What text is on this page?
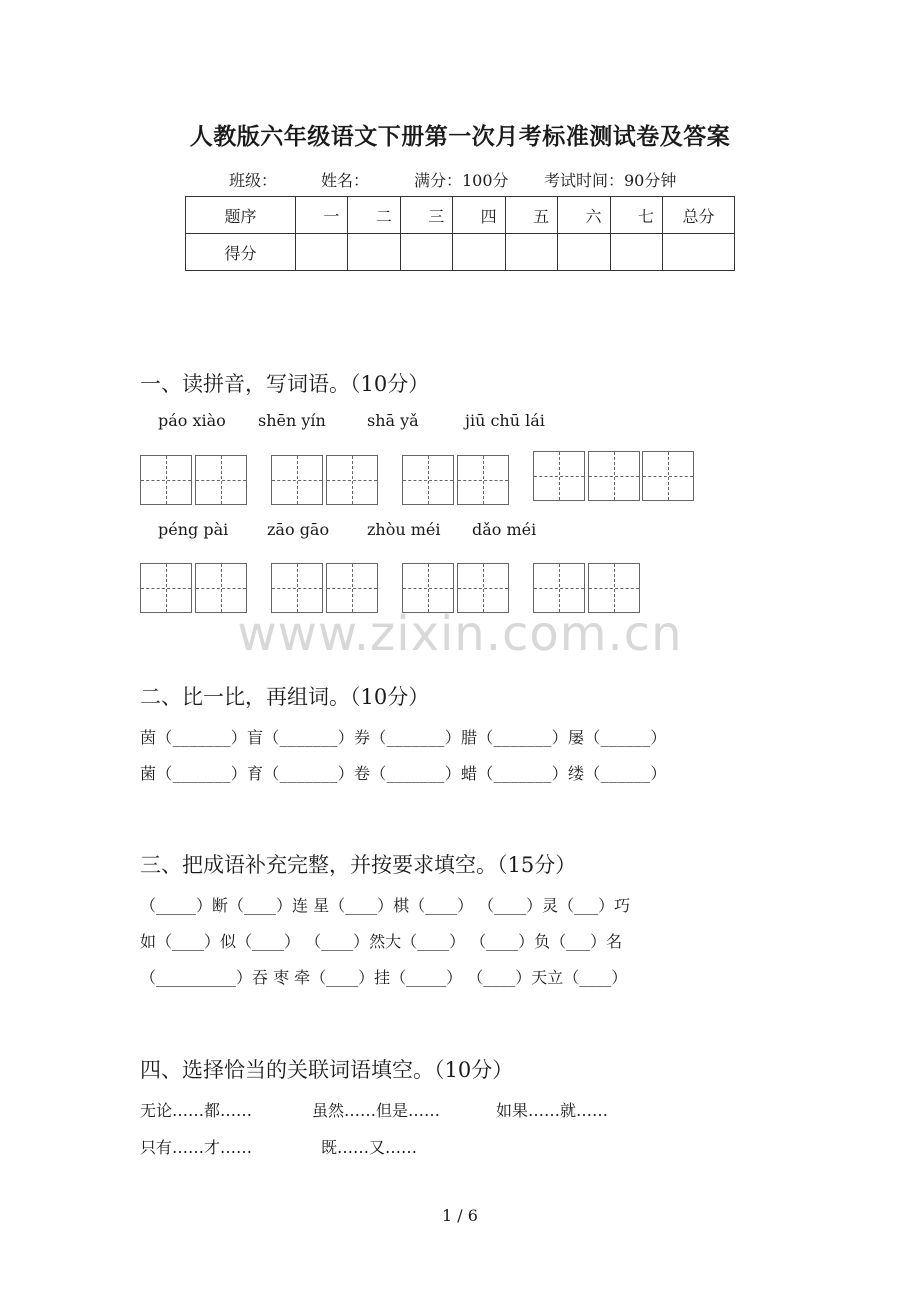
人教版六年级语文下册第一次月考标准测试卷及答案
班级：	姓名：	满分：100分 考试时间：90分钟
题序	一	二	三	四	五	六	七	总分
得分								
一、读拼音，写词语。（10分）
páo xiào shēn yín	shā yǎ	jiū chū lái
péng pài zāo gāo zhòu méi dǎo méi
www.zixin.com.cn
二、比一比，再组词。（10分）
茵（_______）盲（_______）券（_______）腊（_______）屡（______）
菌（_______）育（_______）卷（_______）蜡（_______）缕（______）
三、把成语补充完整，并按要求填空。（15分）
（_____）断（____）连 星（____）棋（____） （____）灵（___）巧
如（____）似（____） （____）然大（____） （____）负（___）名
（__________）吞 枣 牵（____）挂（_____） （____）天立（____）
四、选择恰当的关联词语填空。（10分）
无论……都……	虽然……但是……	如果……就……
只有……才……	既……又……
1 / 6
